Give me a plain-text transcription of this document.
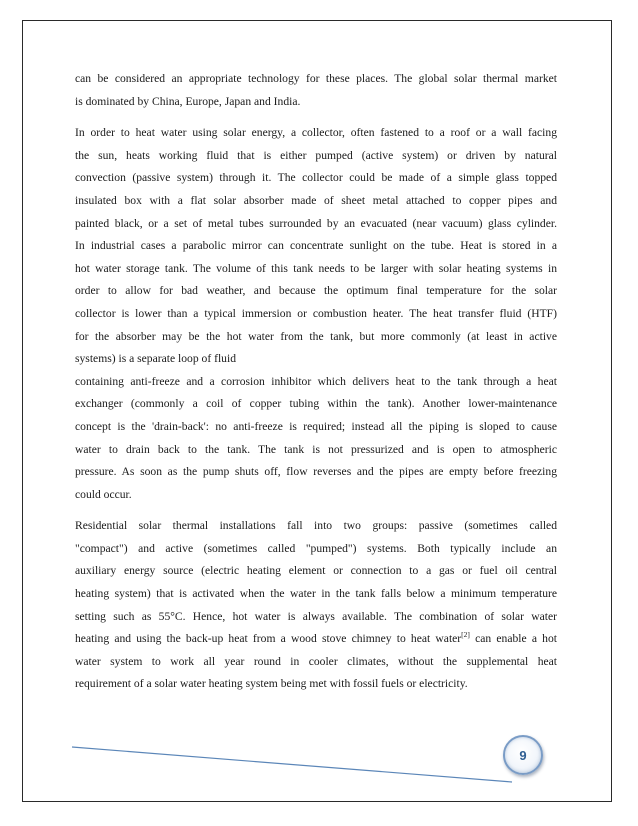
can be considered an appropriate technology for these places. The global solar thermal market
is dominated by China, Europe, Japan and India.
In order to heat water using solar energy, a collector, often fastened to a roof or a wall facing
the sun, heats working fluid that is either pumped (active system) or driven by natural
convection (passive system) through it. The collector could be made of a simple glass topped
insulated box with a flat solar absorber made of sheet metal attached to copper pipes and
painted black, or a set of metal tubes surrounded by an evacuated (near vacuum) glass cylinder.
In industrial cases a parabolic mirror can concentrate sunlight on the tube. Heat is stored in a
hot water storage tank. The volume of this tank needs to be larger with solar heating systems in
order to allow for bad weather, and because the optimum final temperature for the solar
collector is lower than a typical immersion or combustion heater. The heat transfer fluid (HTF)
for the absorber may be the hot water from the tank, but more commonly (at least in active
systems) is a separate loop of fluid
containing anti-freeze and a corrosion inhibitor which delivers heat to the tank through a heat
exchanger (commonly a coil of copper tubing within the tank). Another lower-maintenance
concept is the 'drain-back': no anti-freeze is required; instead all the piping is sloped to cause
water to drain back to the tank. The tank is not pressurized and is open to atmospheric
pressure. As soon as the pump shuts off, flow reverses and the pipes are empty before freezing
could occur.
Residential solar thermal installations fall into two groups: passive (sometimes called
"compact") and active (sometimes called "pumped") systems. Both typically include an
auxiliary energy source (electric heating element or connection to a gas or fuel oil central
heating system) that is activated when the water in the tank falls below a minimum temperature
setting such as 55°C. Hence, hot water is always available. The combination of solar water
heating and using the back-up heat from a wood stove chimney to heat water[2] can enable a hot
water system to work all year round in cooler climates, without the supplemental heat
requirement of a solar water heating system being met with fossil fuels or electricity.
9
